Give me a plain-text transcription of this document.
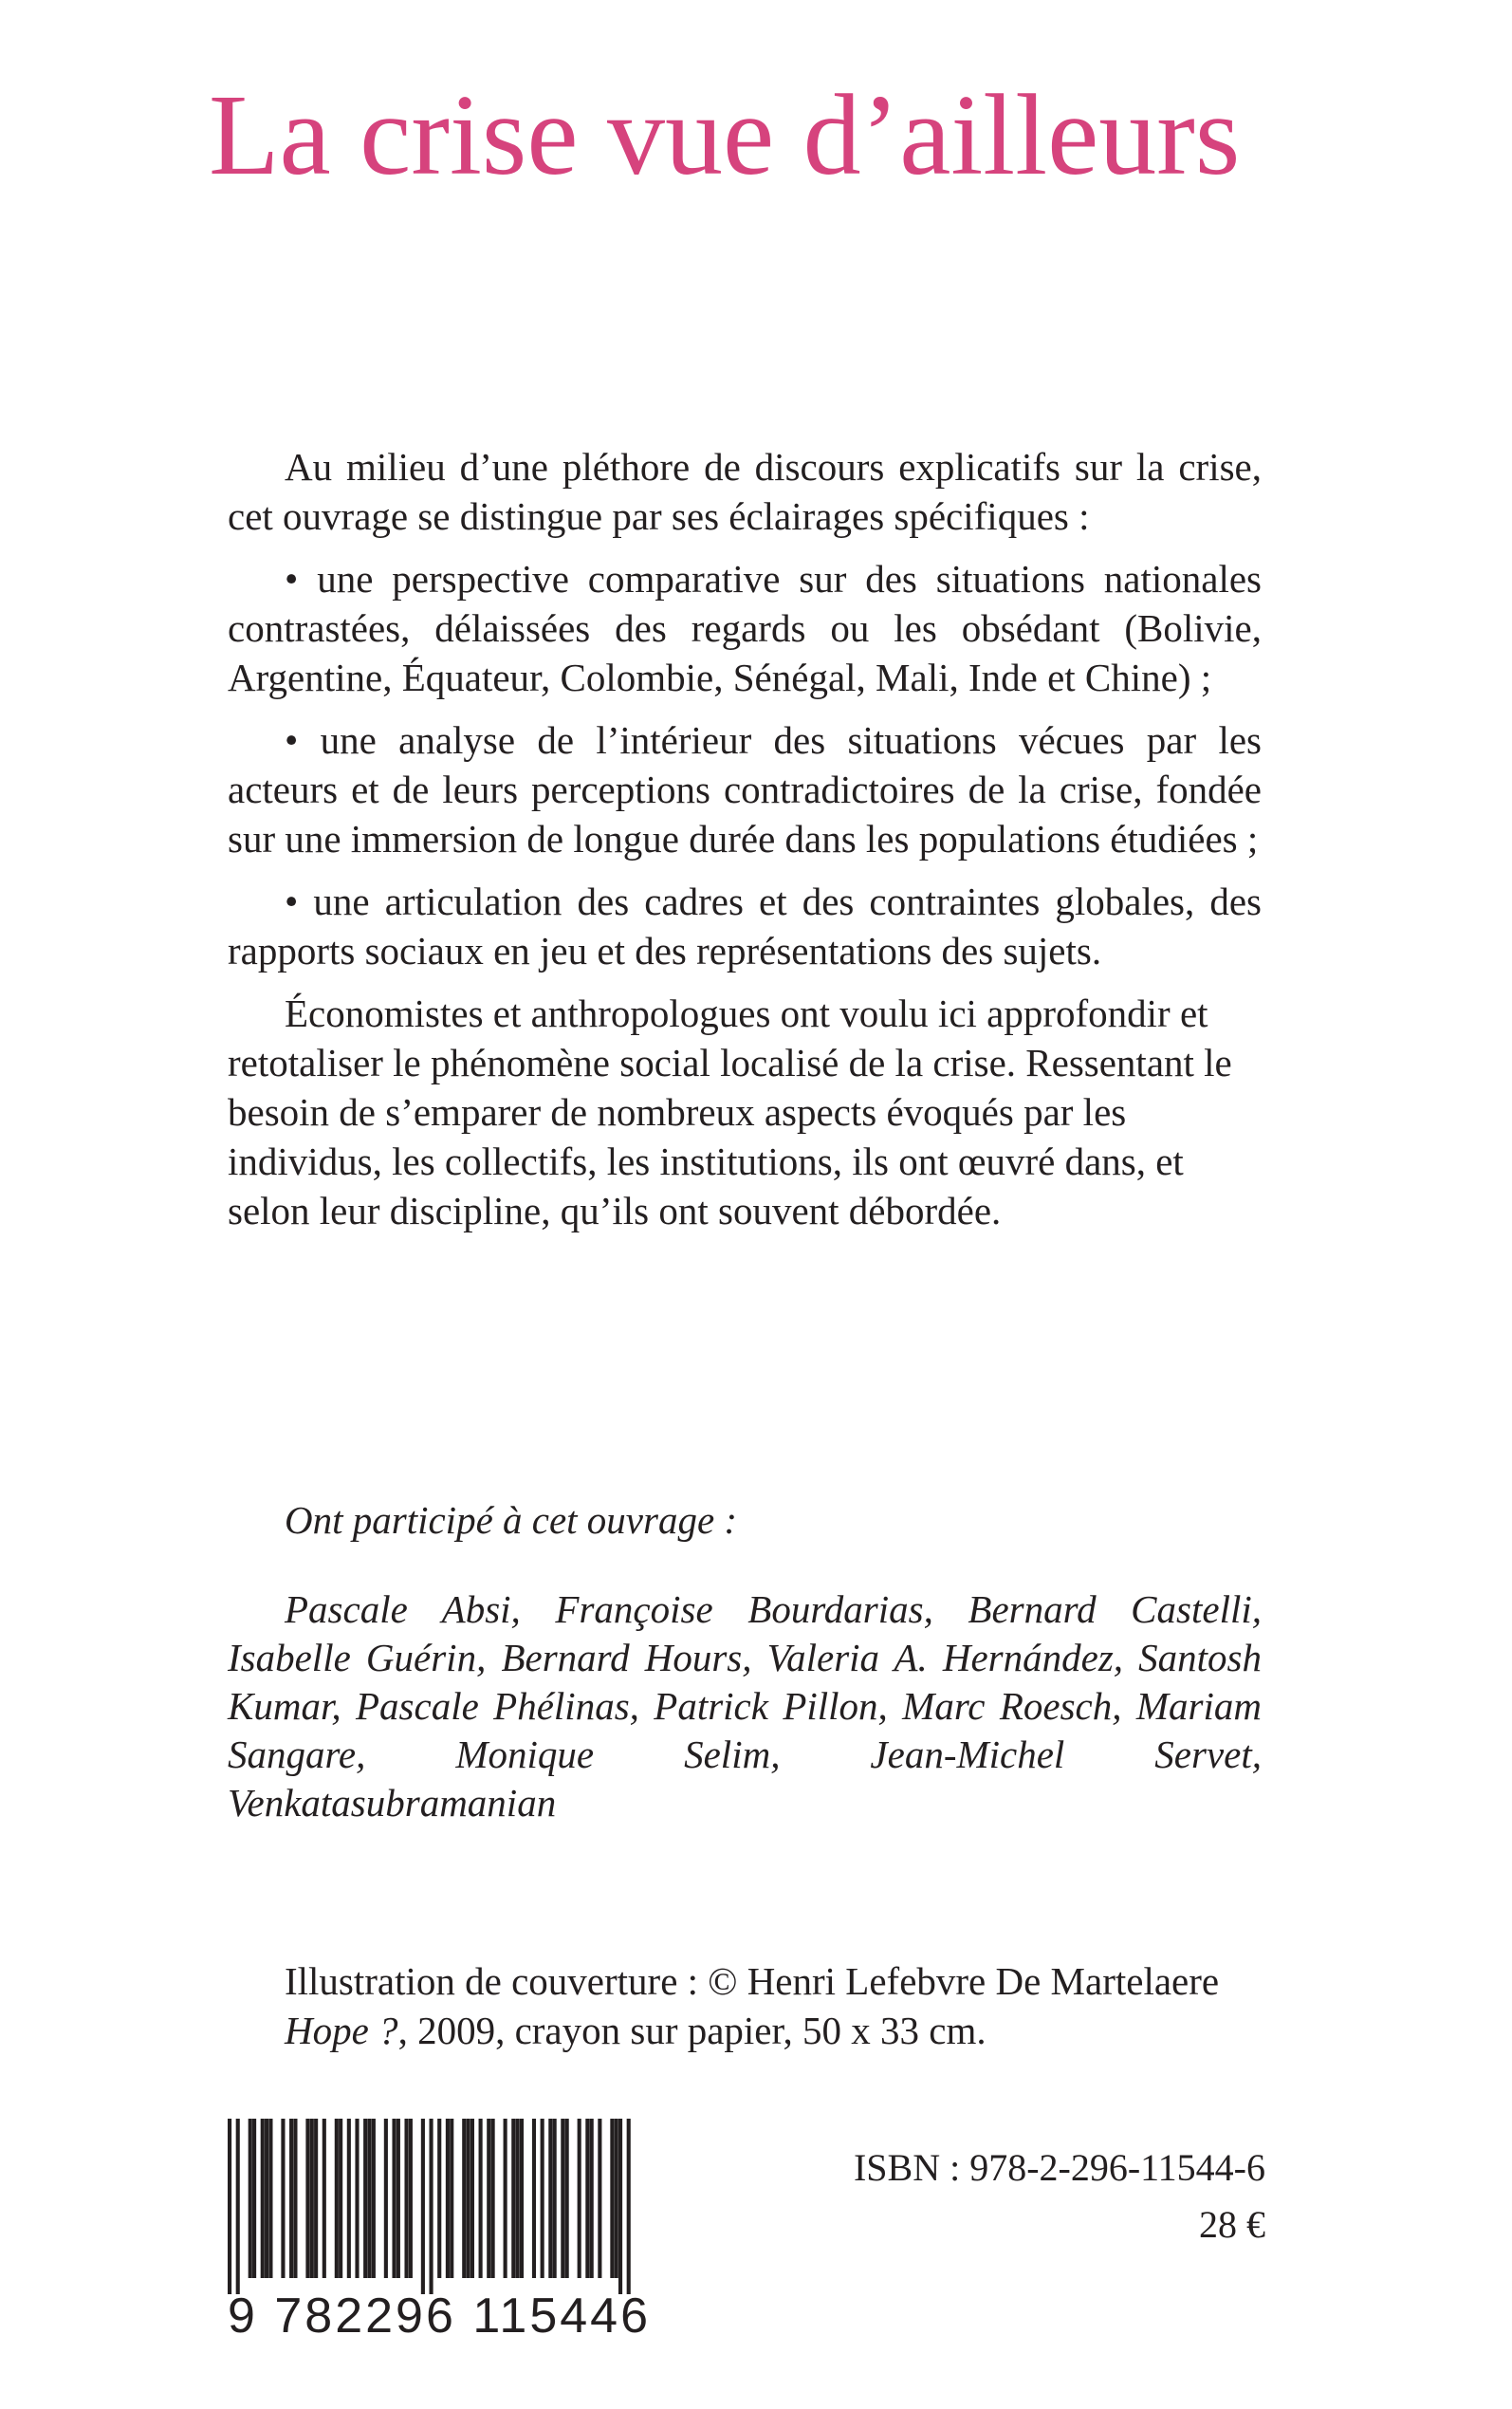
La crise vue d’ailleurs

Au milieu d’une pléthore de discours explicatifs sur la crise, cet ouvrage se distingue par ses éclairages spécifiques :

• une perspective comparative sur des situations nationales contrastées, délaissées des regards ou les obsédant (Bolivie, Argentine, Équateur, Colombie, Sénégal, Mali, Inde et Chine) ;

• une analyse de l’intérieur des situations vécues par les acteurs et de leurs perceptions contradictoires de la crise, fondée sur une immersion de longue durée dans les populations étudiées ;

• une articulation des cadres et des contraintes globales, des rapports sociaux en jeu et des représentations des sujets.

Économistes et anthropologues ont voulu ici approfondir et retotaliser le phénomène social localisé de la crise. Ressentant le besoin de s’emparer de nombreux aspects évoqués par les individus, les collectifs, les institutions, ils ont œuvré dans, et selon leur discipline, qu’ils ont souvent débordée.

Ont participé à cet ouvrage :

Pascale Absi, Françoise Bourdarias, Bernard Castelli, Isabelle Guérin, Bernard Hours, Valeria A. Hernández, Santosh Kumar, Pascale Phélinas, Patrick Pillon, Marc Roesch, Mariam Sangare, Monique Selim, Jean-Michel Servet, Venkatasubramanian

Illustration de couverture : © Henri Lefebvre De Martelaere
Hope ?, 2009, crayon sur papier, 50 x 33 cm.
9 782296 115446
ISBN : 978-2-296-11544-6
28 €
